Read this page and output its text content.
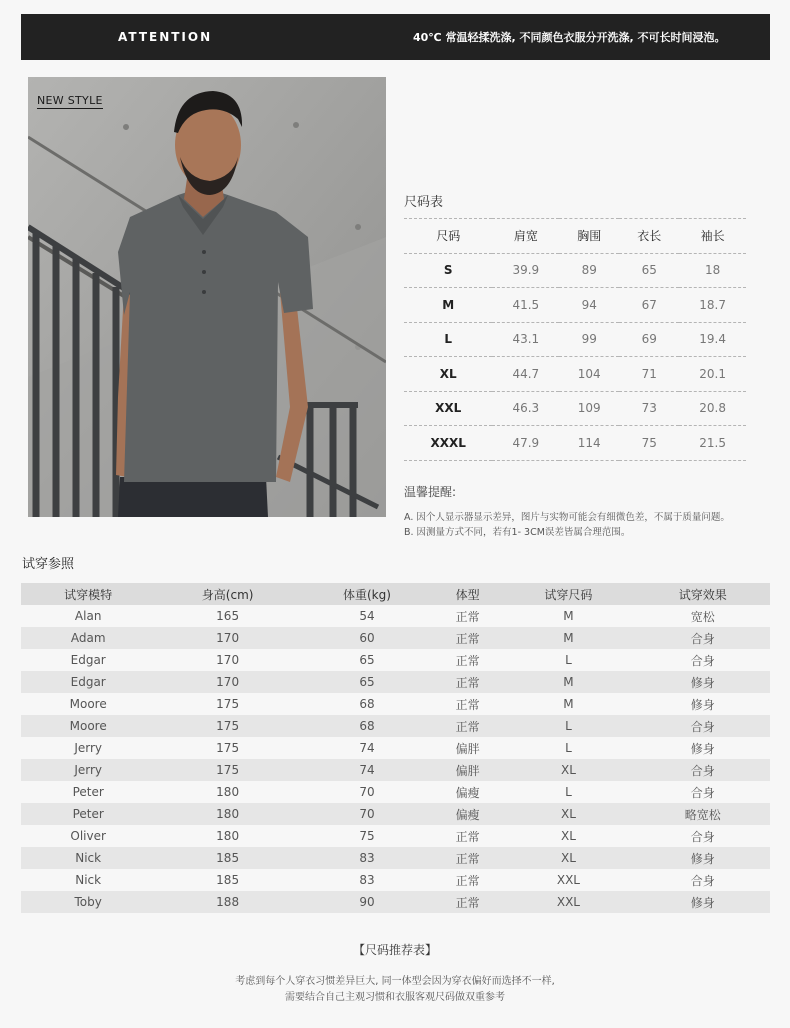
ATTENTION	40℃ 常温轻揉洗涤, 不同颜色衣服分开洗涤, 不可长时间浸泡。
NEW STYLE
尺码表
尺码	肩宽	胸围	衣长	袖长
S	39.9	89	65	18
M	41.5	94	67	18.7
L	43.1	99	69	19.4
XL	44.7	104	71	20.1
XXL	46.3	109	73	20.8
XXXL	47.9	114	75	21.5
温馨提醒:
A. 因个人显示器显示差异，图片与实物可能会有细微色差，不属于质量问题。
B. 因测量方式不同，若有1- 3CM误差皆属合理范围。
试穿参照
试穿模特	身高(cm)	体重(kg)	体型	试穿尺码	试穿效果
Alan	165	54	正常	M	宽松
Adam	170	60	正常	M	合身
Edgar	170	65	正常	L	合身
Edgar	170	65	正常	M	修身
Moore	175	68	正常	M	修身
Moore	175	68	正常	L	合身
Jerry	175	74	偏胖	L	修身
Jerry	175	74	偏胖	XL	合身
Peter	180	70	偏瘦	L	合身
Peter	180	70	偏瘦	XL	略宽松
Oliver	180	75	正常	XL	合身
Nick	185	83	正常	XL	修身
Nick	185	83	正常	XXL	合身
Toby	188	90	正常	XXL	修身
【尺码推荐表】
考虑到每个人穿衣习惯差异巨大, 同一体型会因为穿衣偏好而选择不一样,
需要结合自己主观习惯和衣服客观尺码做双重参考
